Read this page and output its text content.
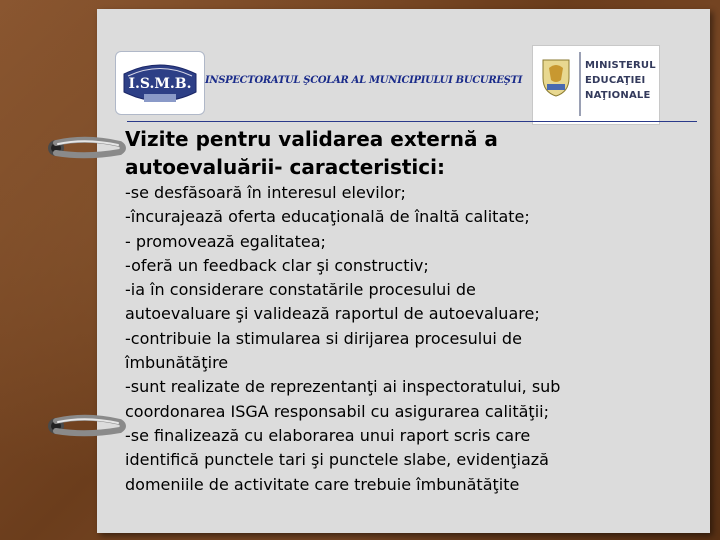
I.S.M.B. INSPECTORATUL ŞCOLAR AL MUNICIPIULUI BUCUREŞTI
MINISTERUL
EDUCAŢIEI
NAŢIONALE
Vizite pentru validarea externă a
autoevaluării- caracteristici:
-se desfăsoară în interesul elevilor;
-încurajează oferta educaţională de înaltă calitate;
- promovează egalitatea;
-oferă un feedback clar şi constructiv;
-ia în considerare constatările procesului de
autoevaluare şi validează raportul de autoevaluare;
-contribuie la stimularea si dirijarea procesului de
îmbunătăţire
-sunt realizate de reprezentanţi ai inspectoratului, sub
coordonarea ISGA responsabil cu asigurarea calităţii;
-se finalizează cu elaborarea unui raport scris care
identifică punctele tari şi punctele slabe, evidenţiază
domeniile de activitate care trebuie îmbunătăţite
